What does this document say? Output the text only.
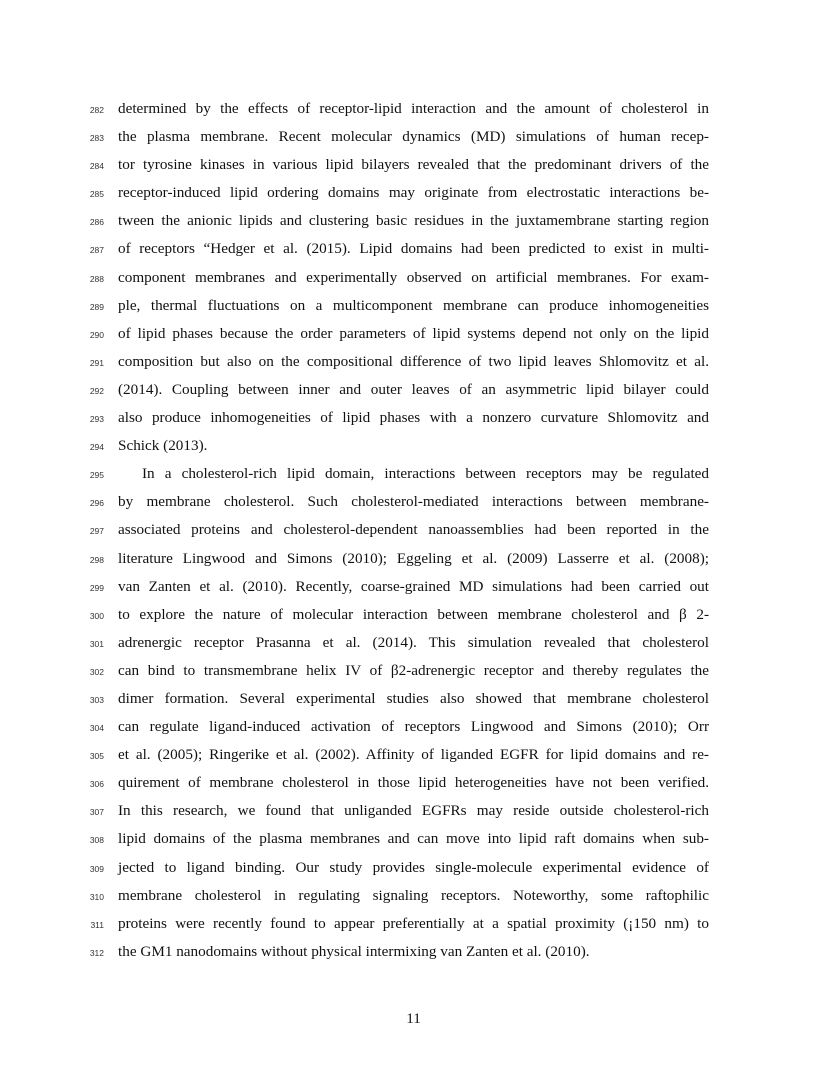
282 determined by the effects of receptor-lipid interaction and the amount of cholesterol in
283 the plasma membrane. Recent molecular dynamics (MD) simulations of human recep-
284 tor tyrosine kinases in various lipid bilayers revealed that the predominant drivers of the
285 receptor-induced lipid ordering domains may originate from electrostatic interactions be-
286 tween the anionic lipids and clustering basic residues in the juxtamembrane starting region
287 of receptors “Hedger et al. (2015). Lipid domains had been predicted to exist in multi-
288 component membranes and experimentally observed on artificial membranes. For exam-
289 ple, thermal fluctuations on a multicomponent membrane can produce inhomogeneities
290 of lipid phases because the order parameters of lipid systems depend not only on the lipid
291 composition but also on the compositional difference of two lipid leaves Shlomovitz et al.
292 (2014). Coupling between inner and outer leaves of an asymmetric lipid bilayer could
293 also produce inhomogeneities of lipid phases with a nonzero curvature Shlomovitz and
294 Schick (2013).
295	In a cholesterol-rich lipid domain, interactions between receptors may be regulated
296 by membrane cholesterol. Such cholesterol-mediated interactions between membrane-
297 associated proteins and cholesterol-dependent nanoassemblies had been reported in the
298 literature Lingwood and Simons (2010); Eggeling et al. (2009) Lasserre et al. (2008);
299 van Zanten et al. (2010). Recently, coarse-grained MD simulations had been carried out
300 to explore the nature of molecular interaction between membrane cholesterol and β 2-
301 adrenergic receptor Prasanna et al. (2014). This simulation revealed that cholesterol
302 can bind to transmembrane helix IV of β2-adrenergic receptor and thereby regulates the
303 dimer formation. Several experimental studies also showed that membrane cholesterol
304 can regulate ligand-induced activation of receptors Lingwood and Simons (2010); Orr
305 et al. (2005); Ringerike et al. (2002). Affinity of liganded EGFR for lipid domains and re-
306 quirement of membrane cholesterol in those lipid heterogeneities have not been verified.
307 In this research, we found that unliganded EGFRs may reside outside cholesterol-rich
308 lipid domains of the plasma membranes and can move into lipid raft domains when sub-
309 jected to ligand binding. Our study provides single-molecule experimental evidence of
310 membrane cholesterol in regulating signaling receptors. Noteworthy, some raftophilic
311 proteins were recently found to appear preferentially at a spatial proximity (¡150 nm) to
312 the GM1 nanodomains without physical intermixing van Zanten et al. (2010).
11
